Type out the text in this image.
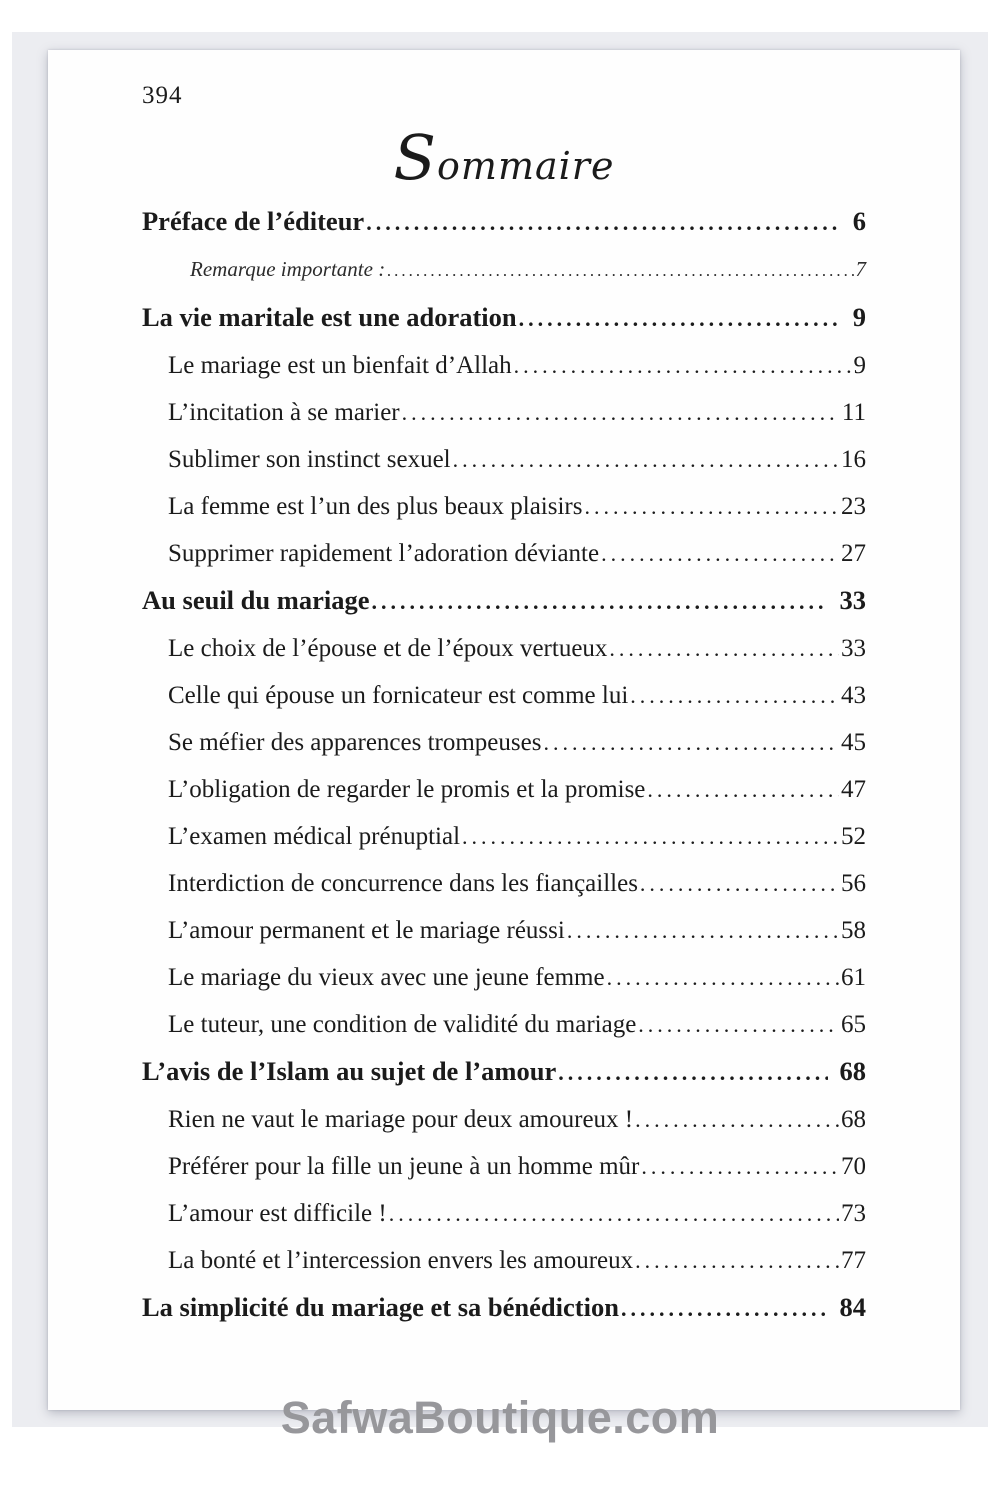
394
Sommaire
Préface de l’éditeur .....	6
Remarque importante : .....	7
La vie maritale est une adoration .....	9
Le mariage est un bienfait d’Allah .....	9
L’incitation à se marier .....	11
Sublimer son instinct sexuel .....	16
La femme est l’un des plus beaux plaisirs .....	23
Supprimer rapidement l’adoration déviante .....	27
Au seuil du mariage .....	33
Le choix de l’épouse et de l’époux vertueux .....	33
Celle qui épouse un fornicateur est comme lui .....	43
Se méfier des apparences trompeuses .....	45
L’obligation de regarder le promis et la promise .....	47
L’examen médical prénuptial .....	52
Interdiction de concurrence dans les fiançailles .....	56
L’amour permanent et le mariage réussi .....	58
Le mariage du vieux avec une jeune femme .....	61
Le tuteur, une condition de validité du mariage .....	65
L’avis de l’Islam au sujet de l’amour .....	68
Rien ne vaut le mariage pour deux amoureux ! .....	68
Préférer pour la fille un jeune à un homme mûr .....	70
L’amour est difficile ! .....	73
La bonté et l’intercession envers les amoureux .....	77
La simplicité du mariage et sa bénédiction .....	84
SafwaBoutique.com
